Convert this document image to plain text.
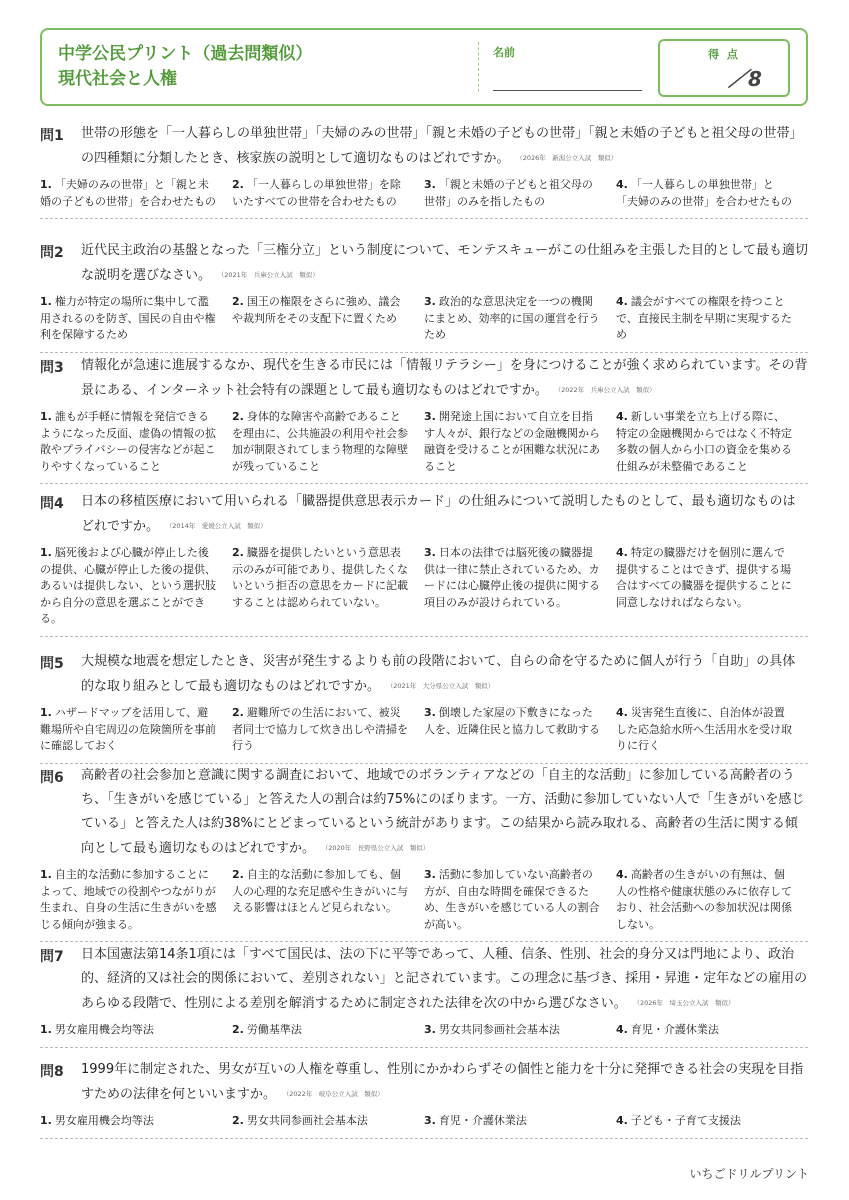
中学公民プリント（過去問類似）
現代社会と人権
名前	得 点
／8
問1 世帯の形態を「一人暮らしの単独世帯」「夫婦のみの世帯」「親と未婚の子どもの世帯」「親と未婚の子どもと祖父母の世帯」の四種類に分類したとき、核家族の説明として適切なものはどれですか。 （2026年　新潟公立入試　類似）
1. 「夫婦のみの世帯」と「親と未婚の子どもの世帯」を合わせたもの
2. 「一人暮らしの単独世帯」を除いたすべての世帯を合わせたもの
3. 「親と未婚の子どもと祖父母の世帯」のみを指したもの
4. 「一人暮らしの単独世帯」と「夫婦のみの世帯」を合わせたもの
問2 近代民主政治の基盤となった「三権分立」という制度について、モンテスキューがこの仕組みを主張した目的として最も適切な説明を選びなさい。 （2021年　兵庫公立入試　類似）
1. 権力が特定の場所に集中して濫用されるのを防ぎ、国民の自由や権利を保障するため
2. 国王の権限をさらに強め、議会や裁判所をその支配下に置くため
3. 政治的な意思決定を一つの機関にまとめ、効率的に国の運営を行うため
4. 議会がすべての権限を持つことで、直接民主制を早期に実現するため
問3 情報化が急速に進展するなか、現代を生きる市民には「情報リテラシー」を身につけることが強く求められています。その背景にある、インターネット社会特有の課題として最も適切なものはどれですか。 （2022年　兵庫公立入試　類似）
1. 誰もが手軽に情報を発信できるようになった反面、虚偽の情報の拡散やプライバシーの侵害などが起こりやすくなっていること
2. 身体的な障害や高齢であることを理由に、公共施設の利用や社会参加が制限されてしまう物理的な障壁が残っていること
3. 開発途上国において自立を目指す人々が、銀行などの金融機関から融資を受けることが困難な状況にあること
4. 新しい事業を立ち上げる際に、特定の金融機関からではなく不特定多数の個人から小口の資金を集める仕組みが未整備であること
問4 日本の移植医療において用いられる「臓器提供意思表示カード」の仕組みについて説明したものとして、最も適切なものはどれですか。 （2014年　愛媛公立入試　類似）
1. 脳死後および心臓が停止した後の提供、心臓が停止した後の提供、あるいは提供しない、という選択肢から自分の意思を選ぶことができる。
2. 臓器を提供したいという意思表示のみが可能であり、提供したくないという拒否の意思をカードに記載することは認められていない。
3. 日本の法律では脳死後の臓器提供は一律に禁止されているため、カードには心臓停止後の提供に関する項目のみが設けられている。
4. 特定の臓器だけを個別に選んで提供することはできず、提供する場合はすべての臓器を提供することに同意しなければならない。
問5 大規模な地震を想定したとき、災害が発生するよりも前の段階において、自らの命を守るために個人が行う「自助」の具体的な取り組みとして最も適切なものはどれですか。 （2021年　大分県公立入試　類似）
1. ハザードマップを活用して、避難場所や自宅周辺の危険箇所を事前に確認しておく
2. 避難所での生活において、被災者同士で協力して炊き出しや清掃を行う
3. 倒壊した家屋の下敷きになった人を、近隣住民と協力して救助する
4. 災害発生直後に、自治体が設置した応急給水所へ生活用水を受け取りに行く
問6 高齢者の社会参加と意識に関する調査において、地域でのボランティアなどの「自主的な活動」に参加している高齢者のうち、「生きがいを感じている」と答えた人の割合は約75%にのぼります。一方、活動に参加していない人で「生きがいを感じている」と答えた人は約38%にとどまっているという統計があります。この結果から読み取れる、高齢者の生活に関する傾向として最も適切なものはどれですか。 （2020年　長野県公立入試　類似）
1. 自主的な活動に参加することによって、地域での役割やつながりが生まれ、自身の生活に生きがいを感じる傾向が強まる。
2. 自主的な活動に参加しても、個人の心理的な充足感や生きがいに与える影響はほとんど見られない。
3. 活動に参加していない高齢者の方が、自由な時間を確保できるため、生きがいを感じている人の割合が高い。
4. 高齢者の生きがいの有無は、個人の性格や健康状態のみに依存しており、社会活動への参加状況は関係しない。
問7 日本国憲法第14条1項には「すべて国民は、法の下に平等であって、人種、信条、性別、社会的身分又は門地により、政治的、経済的又は社会的関係において、差別されない」と記されています。この理念に基づき、採用・昇進・定年などの雇用のあらゆる段階で、性別による差別を解消するために制定された法律を次の中から選びなさい。 （2026年　埼玉公立入試　類似）
1. 男女雇用機会均等法	2. 労働基準法	3. 男女共同参画社会基本法	4. 育児・介護休業法
問8 1999年に制定された、男女が互いの人権を尊重し、性別にかかわらずその個性と能力を十分に発揮できる社会の実現を目指すための法律を何といいますか。 （2022年　岐阜公立入試　類似）
1. 男女雇用機会均等法	2. 男女共同参画社会基本法	3. 育児・介護休業法	4. 子ども・子育て支援法
いちごドリルプリント
